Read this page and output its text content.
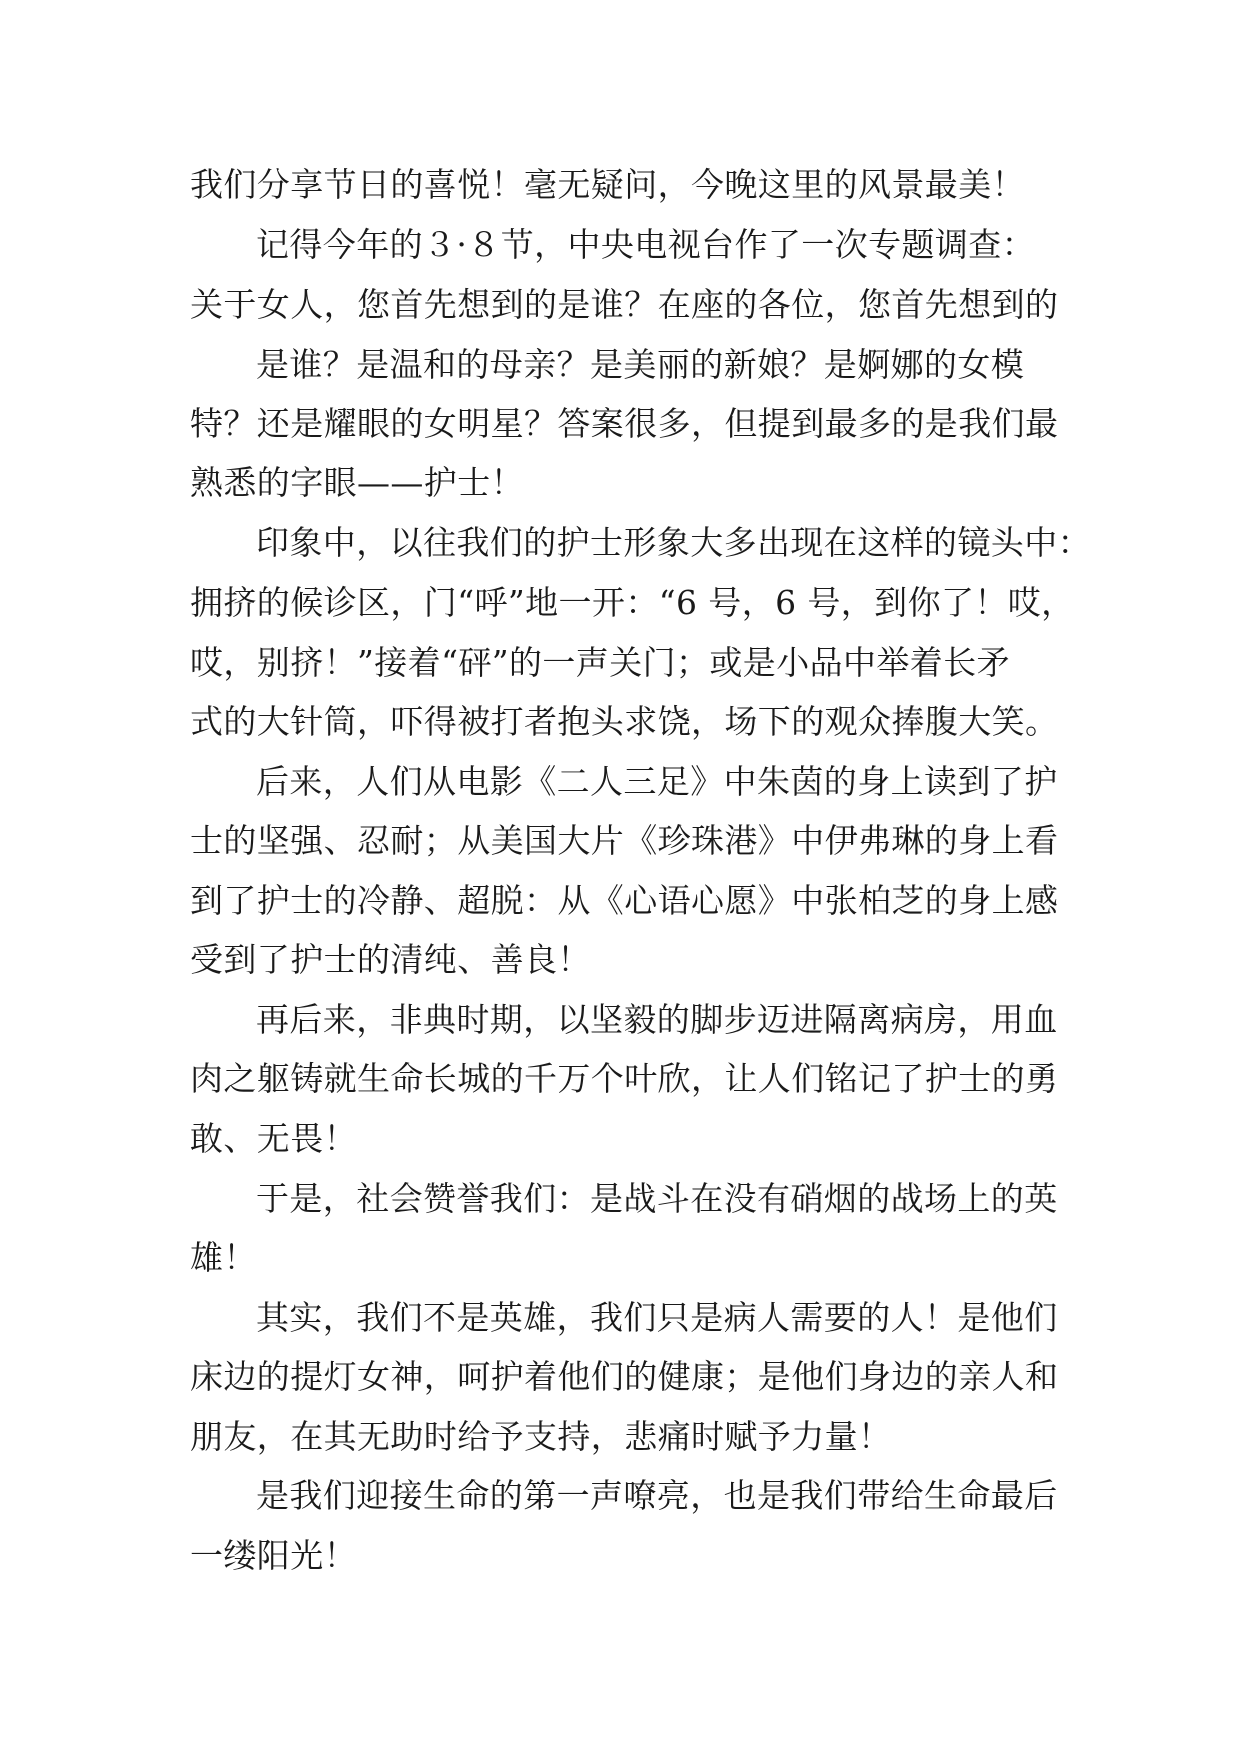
我们分享节日的喜悦！毫无疑问，今晚这里的风景最美！
记得今年的３·８节，中央电视台作了一次专题调查：
关于女人，您首先想到的是谁？在座的各位，您首先想到的
是谁？是温和的母亲？是美丽的新娘？是婀娜的女模
特？还是耀眼的女明星？答案很多，但提到最多的是我们最
熟悉的字眼——护士！
印象中，以往我们的护士形象大多出现在这样的镜头中：
拥挤的候诊区，门“呼”地一开：“6 号，6 号，到你了！哎，
哎，别挤！”接着“砰”的一声关门；或是小品中举着长矛
式的大针筒，吓得被打者抱头求饶，场下的观众捧腹大笑。
后来，人们从电影《二人三足》中朱茵的身上读到了护
士的坚强、忍耐；从美国大片《珍珠港》中伊弗琳的身上看
到了护士的冷静、超脱：从《心语心愿》中张柏芝的身上感
受到了护士的清纯、善良！
再后来，非典时期，以坚毅的脚步迈进隔离病房，用血
肉之躯铸就生命长城的千万个叶欣，让人们铭记了护士的勇
敢、无畏！
于是，社会赞誉我们：是战斗在没有硝烟的战场上的英
雄！
其实，我们不是英雄，我们只是病人需要的人！是他们
床边的提灯女神，呵护着他们的健康；是他们身边的亲人和
朋友，在其无助时给予支持，悲痛时赋予力量！
是我们迎接生命的第一声嘹亮，也是我们带给生命最后
一缕阳光！
